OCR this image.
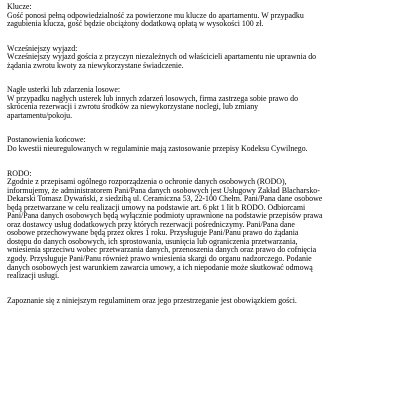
Klucze:
Gość ponosi pełną odpowiedzialność za powierzone mu klucze do apartamentu. W przypadku
zagubienia klucza, gość będzie obciążony dodatkową opłatą w wysokości 100 zł.
Wcześniejszy wyjazd:
Wcześniejszy wyjazd gościa z przyczyn niezależnych od właścicieli apartamentu nie uprawnia do
żądania zwrotu kwoty za niewykorzystane świadczenie.
Nagłe usterki lub zdarzenia losowe:
W przypadku nagłych usterek lub innych zdarzeń losowych, firma zastrzega sobie prawo do
skrócenia rezerwacji i zwrotu środków za niewykorzystane noclegi, lub zmiany
apartamentu/pokoju.
Postanowienia końcowe:
Do kwestii nieuregulowanych w regulaminie mają zastosowanie przepisy Kodeksu Cywilnego.
RODO:
Zgodnie z przepisami ogólnego rozporządzenia o ochronie danych osobowych (RODO),
informujemy, że administratorem Pani/Pana danych osobowych jest Usługowy Zakład Blacharsko-
Dekarski Tomasz Dywański, z siedzibą ul. Ceramiczna 53, 22-100 Chełm. Pani/Pana dane osobowe
będą przetwarzane w celu realizacji umowy na podstawie art. 6 pkt 1 lit b RODO. Odbiorcami
Pani/Pana danych osobowych będą wyłącznie podmioty uprawnione na podstawie przepisów prawa
oraz dostawcy usług dodatkowych przy których rezerwacji pośredniczymy. Pani/Pana dane
osobowe przechowywane będą przez okres 1 roku. Przysługuje Pani/Panu prawo do żądania
dostępu do danych osobowych, ich sprostowania, usunięcia lub ograniczenia przetwarzania,
wniesienia sprzeciwu wobec przetwarzania danych, przenoszenia danych oraz prawo do cofnięcia
zgody. Przysługuje Pani/Panu również prawo wniesienia skargi do organu nadzorczego. Podanie
danych osobowych jest warunkiem zawarcia umowy, a ich niepodanie może skutkować odmową
realizacji usługi.
Zapoznanie się z niniejszym regulaminem oraz jego przestrzeganie jest obowiązkiem gości.
